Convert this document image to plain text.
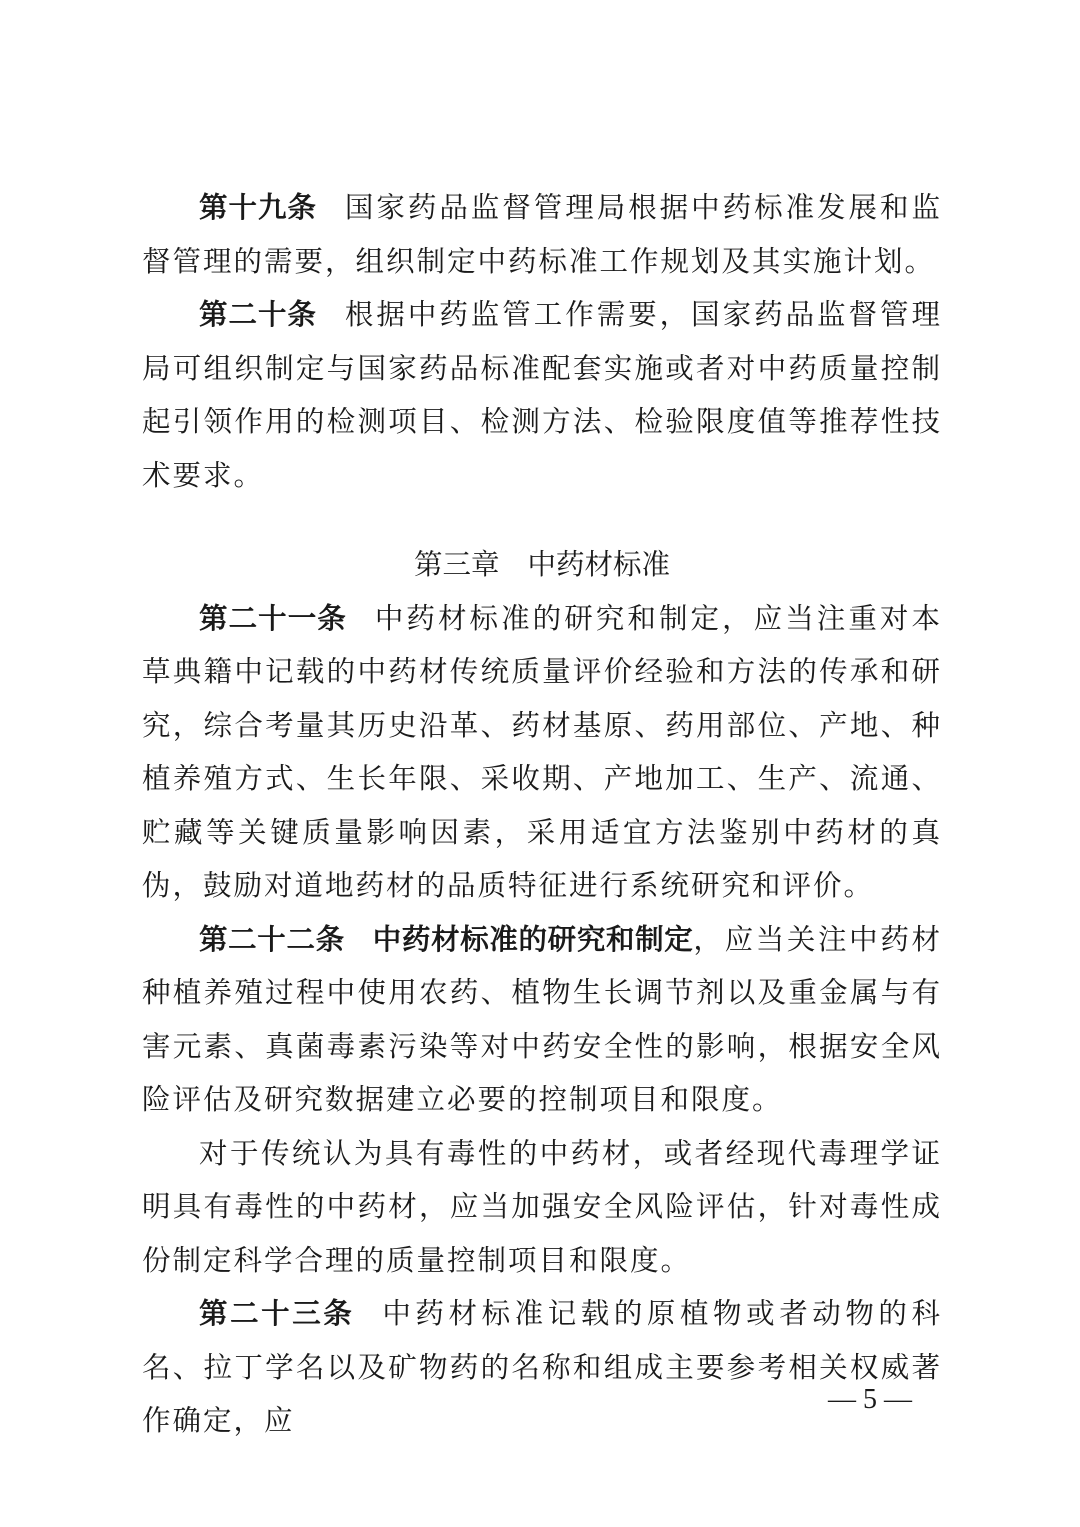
第十九条 国家药品监督管理局根据中药标准发展和监督管理的需要，组织制定中药标准工作规划及其实施计划。

第二十条 根据中药监管工作需要，国家药品监督管理局可组织制定与国家药品标准配套实施或者对中药质量控制起引领作用的检测项目、检测方法、检验限度值等推荐性技术要求。

第三章 中药材标准

第二十一条 中药材标准的研究和制定，应当注重对本草典籍中记载的中药材传统质量评价经验和方法的传承和研究，综合考量其历史沿革、药材基原、药用部位、产地、种植养殖方式、生长年限、采收期、产地加工、生产、流通、贮藏等关键质量影响因素，采用适宜方法鉴别中药材的真伪，鼓励对道地药材的品质特征进行系统研究和评价。

第二十二条 中药材标准的研究和制定，应当关注中药材种植养殖过程中使用农药、植物生长调节剂以及重金属与有害元素、真菌毒素污染等对中药安全性的影响，根据安全风险评估及研究数据建立必要的控制项目和限度。

对于传统认为具有毒性的中药材，或者经现代毒理学证明具有毒性的中药材，应当加强安全风险评估，针对毒性成份制定科学合理的质量控制项目和限度。

第二十三条 中药材标准记载的原植物或者动物的科名、拉丁学名以及矿物药的名称和组成主要参考相关权威著作确定，应

— 5 —
